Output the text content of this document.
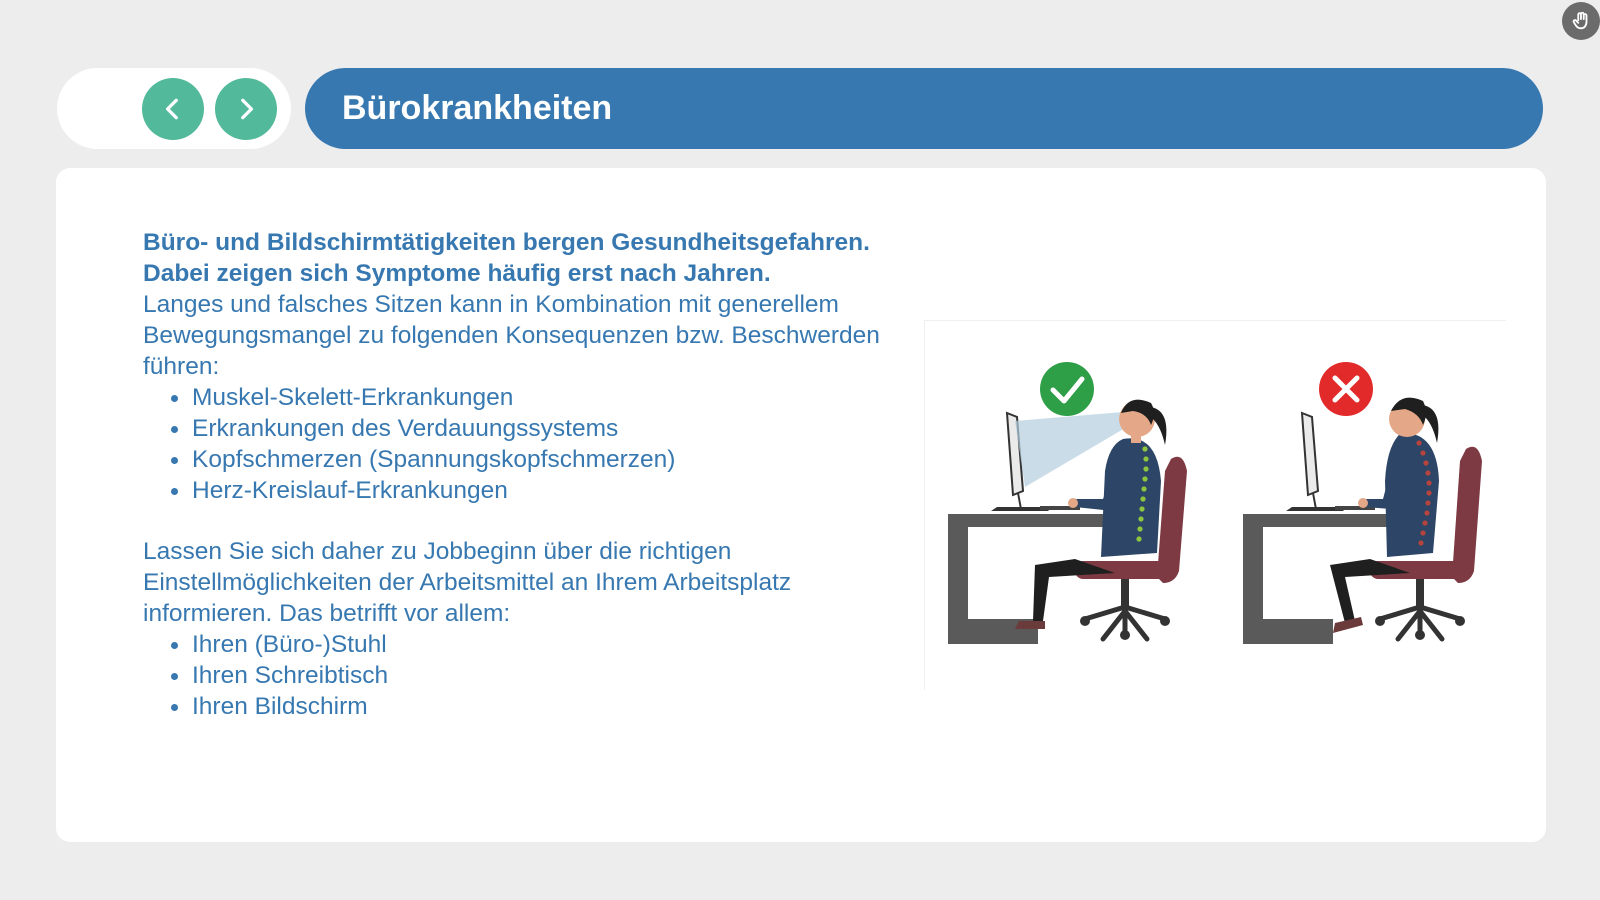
Bürokrankheiten

Büro- und Bildschirmtätigkeiten bergen Gesundheitsgefahren. Dabei zeigen sich Symptome häufig erst nach Jahren.

Langes und falsches Sitzen kann in Kombination mit generellem Bewegungsmangel zu folgenden Konsequenzen bzw. Beschwerden führen:

Muskel-Skelett-Erkrankungen
Erkrankungen des Verdauungssystems
Kopfschmerzen (Spannungskopfschmerzen)
Herz-Kreislauf-Erkrankungen

Lassen Sie sich daher zu Jobbeginn über die richtigen Einstellmöglichkeiten der Arbeitsmittel an Ihrem Arbeitsplatz informieren. Das betrifft vor allem:

Ihren (Büro-)Stuhl
Ihren Schreibtisch
Ihren Bildschirm
